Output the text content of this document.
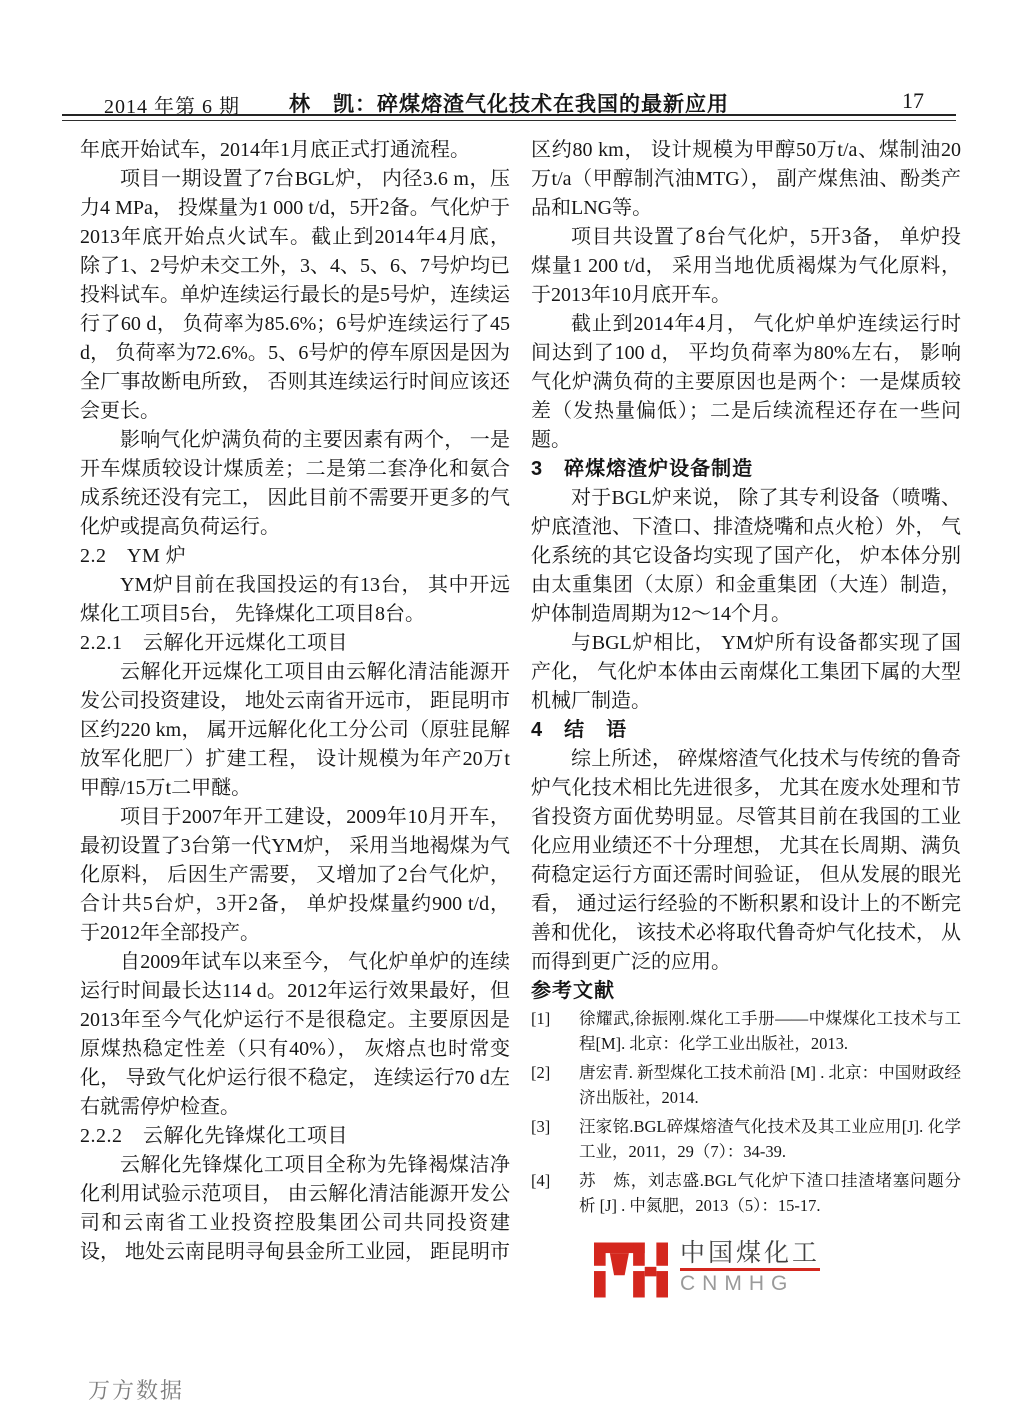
2014 年第 6 期	林　凯：碎煤熔渣气化技术在我国的最新应用	17

年底开始试车，2014年1月底正式打通流程。

项目一期设置了7台BGL炉， 内径3.6 m，压力4 MPa， 投煤量为1 000 t/d，5开2备。气化炉于2013年底开始点火试车。截止到2014年4月底， 除了1、2号炉未交工外，3、4、5、6、7号炉均已投料试车。单炉连续运行最长的是5号炉，连续运行了60 d， 负荷率为85.6%；6号炉连续运行了45 d， 负荷率为72.6%。5、6号炉的停车原因是因为全厂事故断电所致， 否则其连续运行时间应该还会更长。

影响气化炉满负荷的主要因素有两个， 一是开车煤质较设计煤质差；二是第二套净化和氨合成系统还没有完工， 因此目前不需要开更多的气化炉或提高负荷运行。

2.2　YM 炉

YM炉目前在我国投运的有13台， 其中开远煤化工项目5台， 先锋煤化工项目8台。

2.2.1　云解化开远煤化工项目

云解化开远煤化工项目由云解化清洁能源开发公司投资建设， 地处云南省开远市， 距昆明市区约220 km， 属开远解化化工分公司（原驻昆解放军化肥厂）扩建工程， 设计规模为年产20万t甲醇/15万t二甲醚。

项目于2007年开工建设，2009年10月开车，最初设置了3台第一代YM炉， 采用当地褐煤为气化原料， 后因生产需要， 又增加了2台气化炉，合计共5台炉，3开2备， 单炉投煤量约900 t/d，于2012年全部投产。

自2009年试车以来至今， 气化炉单炉的连续运行时间最长达114 d。2012年运行效果最好，但2013年至今气化炉运行不是很稳定。主要原因是原煤热稳定性差（只有40%）， 灰熔点也时常变化， 导致气化炉运行很不稳定， 连续运行70 d左右就需停炉检查。

2.2.2　云解化先锋煤化工项目

云解化先锋煤化工项目全称为先锋褐煤洁净化利用试验示范项目， 由云解化清洁能源开发公司和云南省工业投资控股集团公司共同投资建设， 地处云南昆明寻甸县金所工业园， 距昆明市

区约80 km， 设计规模为甲醇50万t/a、煤制油20万t/a（甲醇制汽油MTG）， 副产煤焦油、酚类产品和LNG等。

项目共设置了8台气化炉，5开3备， 单炉投煤量1 200 t/d， 采用当地优质褐煤为气化原料，于2013年10月底开车。

截止到2014年4月， 气化炉单炉连续运行时间达到了100 d， 平均负荷率为80%左右， 影响气化炉满负荷的主要原因也是两个：一是煤质较差（发热量偏低）；二是后续流程还存在一些问题。

3　碎煤熔渣炉设备制造

对于BGL炉来说， 除了其专利设备（喷嘴、炉底渣池、下渣口、排渣烧嘴和点火枪）外， 气化系统的其它设备均实现了国产化， 炉本体分别由太重集团（太原）和金重集团（大连）制造，炉体制造周期为12～14个月。

与BGL炉相比， YM炉所有设备都实现了国产化， 气化炉本体由云南煤化工集团下属的大型机械厂制造。

4　结　语

综上所述， 碎煤熔渣气化技术与传统的鲁奇炉气化技术相比先进很多， 尤其在废水处理和节省投资方面优势明显。尽管其目前在我国的工业化应用业绩还不十分理想， 尤其在长周期、满负荷稳定运行方面还需时间验证， 但从发展的眼光看， 通过运行经验的不断积累和设计上的不断完善和优化， 该技术必将取代鲁奇炉气化技术， 从而得到更广泛的应用。

参考文献

[1]	徐耀武,徐振刚.煤化工手册——中煤煤化工技术与工程[M]. 北京：化学工业出版社，2013.
[2]	唐宏青. 新型煤化工技术前沿 [M] . 北京：中国财政经济出版社，2014.
[3]	汪家铭.BGL碎煤熔渣气化技术及其工业应用[J]. 化学工业，2011，29（7）：34-39.
[4]	苏　炼，刘志盛.BGL气化炉下渣口挂渣堵塞问题分析 [J] . 中氮肥，2013（5）：15-17.
中国煤化工
CNMHG
万方数据
